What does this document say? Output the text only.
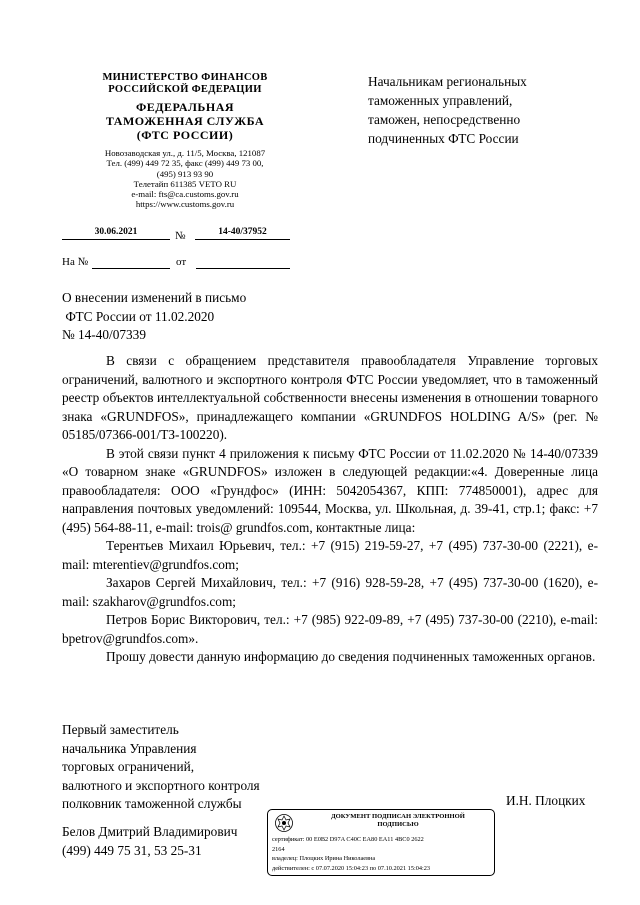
МИНИСТЕРСТВО ФИНАНСОВ
РОССИЙСКОЙ ФЕДЕРАЦИИ
ФЕДЕРАЛЬНАЯ
ТАМОЖЕННАЯ СЛУЖБА
(ФТС РОССИИ)
Новозаводская ул., д. 11/5, Москва, 121087
Тел. (499) 449 72 35, факс (499) 449 73 00,
(495) 913 93 90
Телетайп 611385 VETO RU
e-mail: fts@ca.customs.gov.ru
https://www.customs.gov.ru
30.06.2021	№	14-40/37952
На №	от
Начальникам региональных
таможенных управлений,
таможен, непосредственно
подчиненных ФТС России
О внесении изменений в письмо
ФТС России от 11.02.2020
№ 14-40/07339

В связи с обращением представителя правообладателя Управление торговых ограничений, валютного и экспортного контроля ФТС России уведомляет, что в таможенный реестр объектов интеллектуальной собственности внесены изменения в отношении товарного знака «GRUNDFOS», принадлежащего компании «GRUNDFOS HOLDING A/S» (рег. № 05185/07366-001/ТЗ-100220).

В этой связи пункт 4 приложения к письму ФТС России от 11.02.2020 № 14-40/07339 «О товарном знаке «GRUNDFOS» изложен в следующей редакции:«4. Доверенные лица правообладателя: ООО «Грундфос» (ИНН: 5042054367, КПП: 774850001), адрес для направления почтовых уведомлений: 109544, Москва, ул. Школьная, д. 39-41, стр.1; факс: +7 (495) 564-88-11, e-mail: trois@ grundfos.com, контактные лица:

Терентьев Михаил Юрьевич, тел.: +7 (915) 219-59-27, +7 (495) 737-30-00 (2221), e-mail: mterentiev@grundfos.com;

Захаров Сергей Михайлович, тел.: +7 (916) 928-59-28, +7 (495) 737-30-00 (1620), e-mail: szakharov@grundfos.com;

Петров Борис Викторович, тел.: +7 (985) 922-09-89, +7 (495) 737-30-00 (2210), e-mail: bpetrov@grundfos.com».

Прошу довести данную информацию до сведения подчиненных таможенных органов.

Первый заместитель
начальника Управления
торговых ограничений,
валютного и экспортного контроля
полковник таможенной службы	И.Н. Плоцких
Белов Дмитрий Владимирович
(499) 449 75 31, 53 25-31
ДОКУМЕНТ ПОДПИСАН ЭЛЕКТРОННОЙ
ПОДПИСЬЮ
сертификат: 00 E0B2 D97A C40C EA80 EA11 4BC0 2622
2164
владелец: Плоцких Ирина Николаевна
действителен: с 07.07.2020 15:04:23 по 07.10.2021 15:04:23
